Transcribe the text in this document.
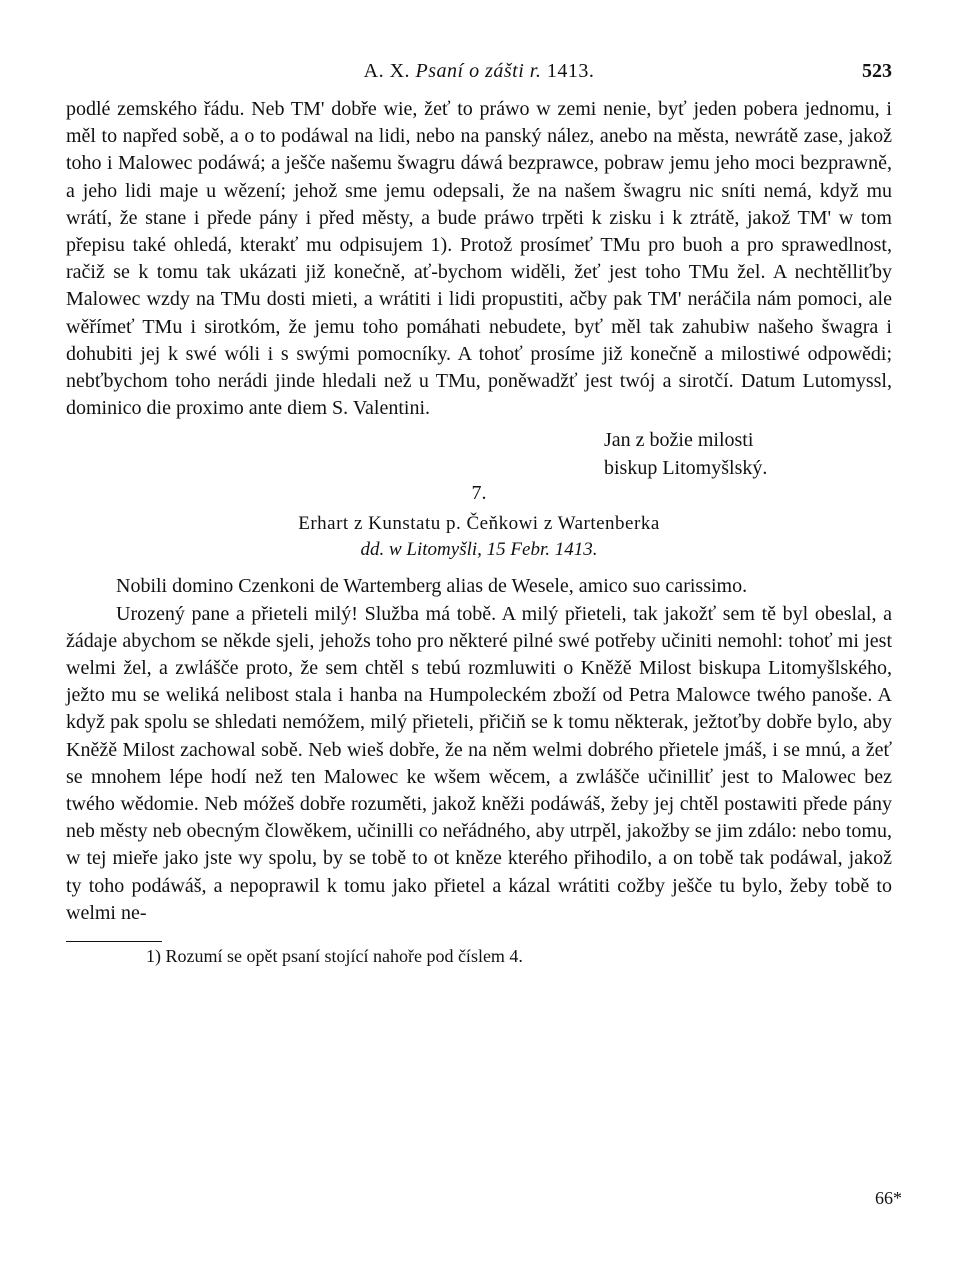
A. X. Psaní o zášti r. 1413.	523

podlé zemského řádu. Neb TM' dobře wie, žeť to práwo w zemi nenie, byť jeden pobera jednomu, i měl to napřed sobě, a o to podáwal na lidi, nebo na panský nález, anebo na města, newrátě zase, jakož toho i Malowec podáwá; a ješče našemu šwagru dáwá bezprawce, pobraw jemu jeho moci bezprawně, a jeho lidi maje u wězení; jehož sme jemu odepsali, že na našem šwagru nic sníti nemá, když mu wrátí, že stane i přede pány i před městy, a bude práwo trpěti k zisku i k ztrátě, jakož TM' w tom přepisu také ohledá, kterakť mu odpisujem 1). Protož prosímeť TMu pro buoh a pro sprawedlnost, račiž se k tomu tak ukázati již konečně, ať-bychom widěli, žeť jest toho TMu žel. A nechtělliťby Malowec wzdy na TMu dosti mieti, a wrátiti i lidi propustiti, ačby pak TM' neráčila nám pomoci, ale wěřímeť TMu i sirotkóm, že jemu toho pomáhati nebudete, byť měl tak zahubiw našeho šwagra i dohubiti jej k swé wóli i s swými pomocníky. A tohoť prosíme již konečně a milostiwé odpowědi; nebťbychom toho nerádi jinde hledali než u TMu, poněwadžť jest twój a sirotčí. Datum Lutomyssl, dominico die proximo ante diem S. Valentini.

Jan z božie milosti
biskup Litomyšlský.
7.
Erhart z Kunstatu p. Čeňkowi z Wartenberka
dd. w Litomyšli, 15 Febr. 1413.

Nobili domino Czenkoni de Wartemberg alias de Wesele, amico suo carissimo.

Urozený pane a přieteli milý! Služba má tobě. A milý přieteli, tak jakožť sem tě byl obeslal, a žádaje abychom se někde sjeli, jehožs toho pro některé pilné swé potřeby učiniti nemohl: tohoť mi jest welmi žel, a zwlášče proto, že sem chtěl s tebú rozmluwiti o Kněžě Milost biskupa Litomyšlského, ježto mu se weliká nelibost stala i hanba na Humpoleckém zboží od Petra Malowce twého panoše. A když pak spolu se shledati nemóžem, milý přieteli, přičiň se k tomu některak, ježtoťby dobře bylo, aby Kněžě Milost zachowal sobě. Neb wieš dobře, že na něm welmi dobrého přietele jmáš, i se mnú, a žeť se mnohem lépe hodí než ten Malowec ke wšem wěcem, a zwlášče učinilliť jest to Malowec bez twého wědomie. Neb móžeš dobře rozuměti, jakož kněži podáwáš, žeby jej chtěl postawiti přede pány neb městy neb obecným člowěkem, učinilli co neřádného, aby utrpěl, jakožby se jim zdálo: nebo tomu, w tej mieře jako jste wy spolu, by se tobě to ot kněze kterého přihodilo, a on tobě tak podáwal, jakož ty toho podáwáš, a nepoprawil k tomu jako přietel a kázal wrátiti cožby ješče tu bylo, žeby tobě to welmi ne-

1) Rozumí se opět psaní stojící nahoře pod číslem 4.
66*
